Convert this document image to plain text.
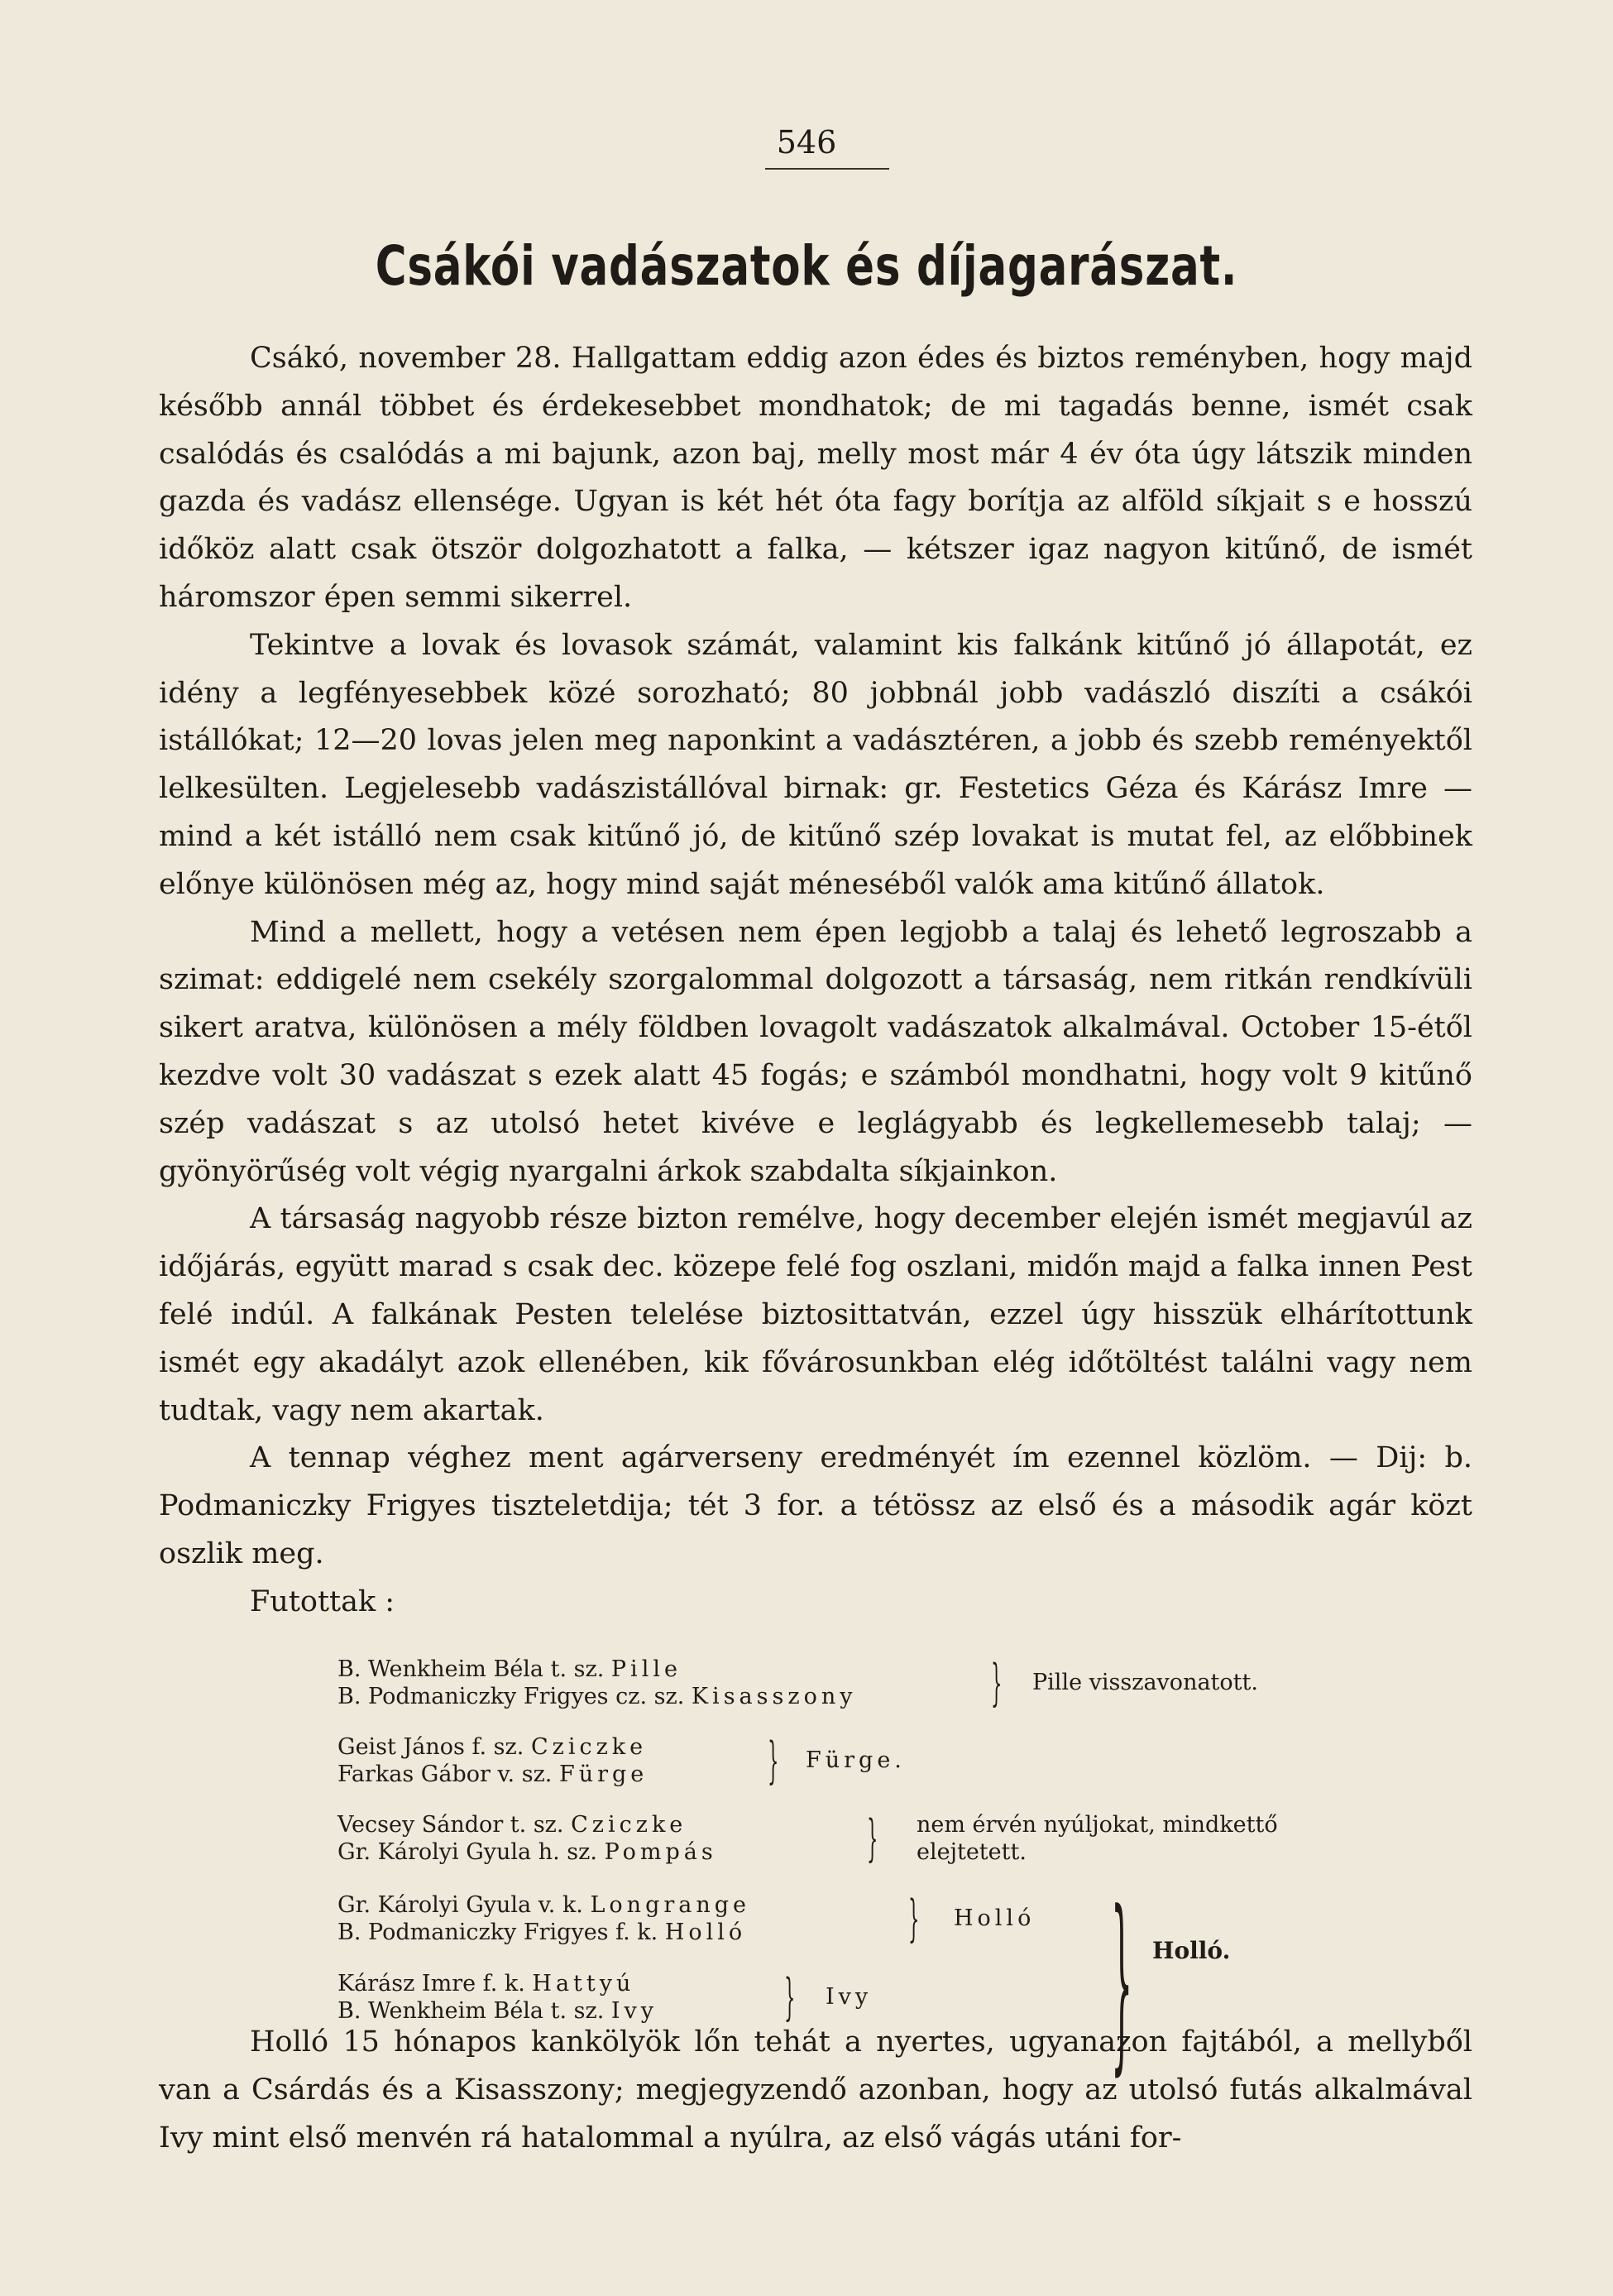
546
Csákói vadászatok és díjagarászat.

Csákó, november 28. Hallgattam eddig azon édes és biztos reményben, hogy majd később annál többet és érdekesebbet mondhatok; de mi tagadás benne, ismét csak csalódás és csalódás a mi bajunk, azon baj, melly most már 4 év óta úgy látszik minden gazda és vadász ellensége. Ugyan is két hét óta fagy borítja az alföld síkjait s e hosszú időköz alatt csak ötször dolgozhatott a falka, — kétszer igaz nagyon kitűnő, de ismét háromszor épen semmi sikerrel.

Tekintve a lovak és lovasok számát, valamint kis falkánk kitűnő jó állapotát, ez idény a legfényesebbek közé sorozható; 80 jobbnál jobb vadászló diszíti a csákói istállókat; 12—20 lovas jelen meg naponkint a vadásztéren, a jobb és szebb reményektől lelkesülten. Legjelesebb vadászistállóval birnak: gr. Festetics Géza és Kárász Imre — mind a két istálló nem csak kitűnő jó, de kitűnő szép lovakat is mutat fel, az előbbinek előnye különösen még az, hogy mind saját méneséből valók ama kitűnő állatok.

Mind a mellett, hogy a vetésen nem épen legjobb a talaj és lehető legroszabb a szimat: eddigelé nem csekély szorgalommal dolgozott a társaság, nem ritkán rendkívüli sikert aratva, különösen a mély földben lovagolt vadászatok alkalmával. October 15-étől kezdve volt 30 vadászat s ezek alatt 45 fogás; e számból mondhatni, hogy volt 9 kitűnő szép vadászat s az utolsó hetet kivéve e leglágyabb és legkellemesebb talaj; — gyönyörűség volt végig nyargalni árkok szabdalta síkjainkon.

A társaság nagyobb része bizton remélve, hogy december elején ismét megjavúl az időjárás, együtt marad s csak dec. közepe felé fog oszlani, midőn majd a falka innen Pest felé indúl. A falkának Pesten telelése biztosittatván, ezzel úgy hisszük elhárítottunk ismét egy akadályt azok ellenében, kik fővárosunkban elég időtöltést találni vagy nem tudtak, vagy nem akartak.

A tennap véghez ment agárverseny eredményét ím ezennel közlöm. — Dij: b. Podmaniczky Frigyes tiszteletdija; tét 3 for. a tétössz az első és a második agár közt oszlik meg.

Futottak :

B. Wenkheim Béla t. sz. Pille
B. Podmaniczky Frigyes cz. sz. Kisasszony	} Pille visszavonatott.
Geist János f. sz. Cziczke
Farkas Gábor v. sz. Fürge } Fürge.
Vecsey Sándor t. sz. Cziczke
Gr. Károlyi Gyula h. sz. Pompás	} nem érvén nyúljokat, mindkettő elejtetett.
Gr. Károlyi Gyula v. k. Longrange
B. Podmaniczky Frigyes f. k. Holló	} Holló
Kárász Imre f. k. Hattyú
B. Wenkheim Béla t. sz. Ivy	} Ivy } Holló.

Holló 15 hónapos kankölyök lőn tehát a nyertes, ugyanazon fajtából, a mellyből van a Csárdás és a Kisasszony; megjegyzendő azonban, hogy az utolsó futás alkalmával Ivy mint első menvén rá hatalommal a nyúlra, az első vágás utáni for-
